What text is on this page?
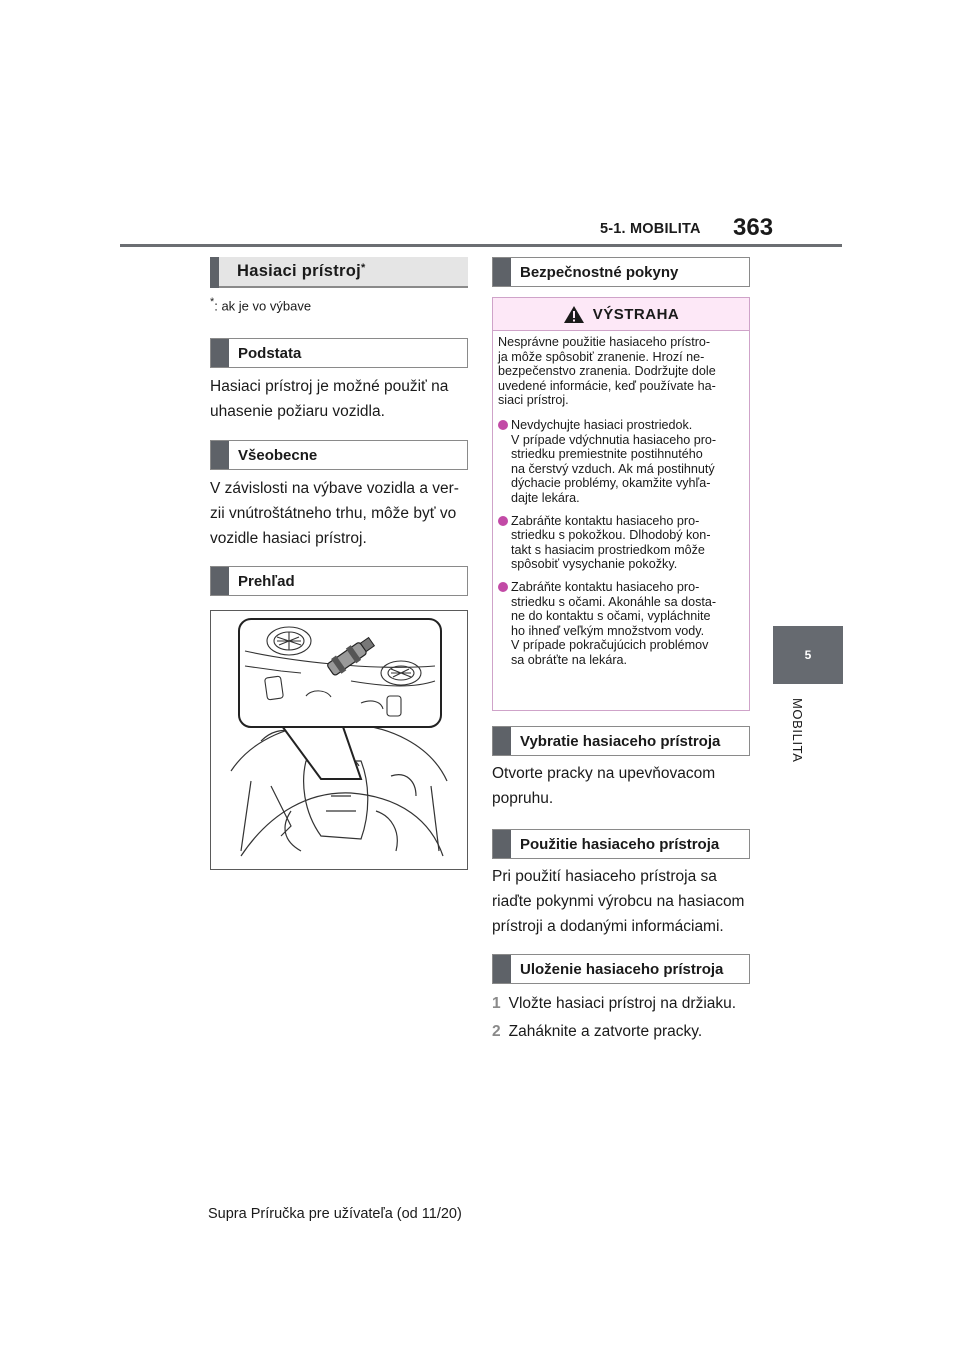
5-1. MOBILITA 363
5
MOBILITA
Hasiaci prístroj*
*: ak je vo výbave
Podstata
Hasiaci prístroj je možné použiť na
uhasenie požiaru vozidla.
Všeobecne
V závislosti na výbave vozidla a ver-
zii vnútroštátneho trhu, môže byť vo
vozidle hasiaci prístroj.
Prehľad
Bezpečnostné pokyny
VÝSTRAHA
Nesprávne použitie hasiaceho prístro-
ja môže spôsobiť zranenie. Hrozí ne-
bezpečenstvo zranenia. Dodržujte dole
uvedené informácie, keď používate ha-
siaci prístroj.
Nevdychujte hasiaci prostriedok.
V prípade vdýchnutia hasiaceho pro-
striedku premiestnite postihnutého
na čerstvý vzduch. Ak má postihnutý
dýchacie problémy, okamžite vyhľa-
dajte lekára.
Zabráňte kontaktu hasiaceho pro-
striedku s pokožkou. Dlhodobý kon-
takt s hasiacim prostriedkom môže
spôsobiť vysychanie pokožky.
Zabráňte kontaktu hasiaceho pro-
striedku s očami. Akonáhle sa dosta-
ne do kontaktu s očami, vypláchnite
ho ihneď veľkým množstvom vody.
V prípade pokračujúcich problémov
sa obráťte na lekára.
Vybratie hasiaceho prístroja
Otvorte pracky na upevňovacom
popruhu.
Použitie hasiaceho prístroja
Pri použití hasiaceho prístroja sa
riaďte pokynmi výrobcu na hasiacom
prístroji a dodanými informáciami.
Uloženie hasiaceho prístroja
1 Vložte hasiaci prístroj na držiaku.
2 Zaháknite a zatvorte pracky.
Supra Príručka pre užívateľa (od 11/20)
